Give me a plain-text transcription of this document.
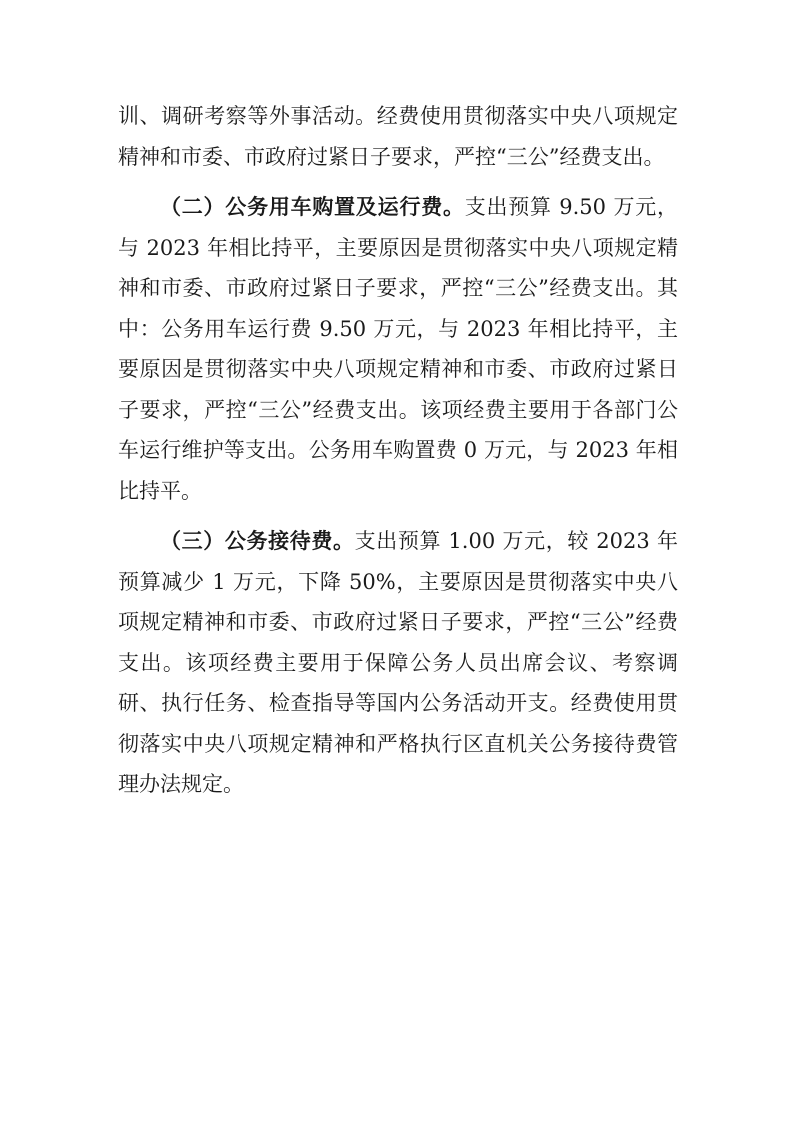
训、调研考察等外事活动。经费使用贯彻落实中央八项规定精神和市委、市政府过紧日子要求，严控“三公”经费支出。

（二）公务用车购置及运行费。支出预算 9.50 万元，与 2023 年相比持平，主要原因是贯彻落实中央八项规定精神和市委、市政府过紧日子要求，严控“三公”经费支出。其中：公务用车运行费 9.50 万元，与 2023 年相比持平，主要原因是贯彻落实中央八项规定精神和市委、市政府过紧日子要求，严控“三公”经费支出。该项经费主要用于各部门公车运行维护等支出。公务用车购置费 0 万元，与 2023 年相比持平。

（三）公务接待费。支出预算 1.00 万元，较 2023 年预算减少 1 万元，下降 50%，主要原因是贯彻落实中央八项规定精神和市委、市政府过紧日子要求，严控“三公”经费支出。该项经费主要用于保障公务人员出席会议、考察调研、执行任务、检查指导等国内公务活动开支。经费使用贯彻落实中央八项规定精神和严格执行区直机关公务接待费管理办法规定。
